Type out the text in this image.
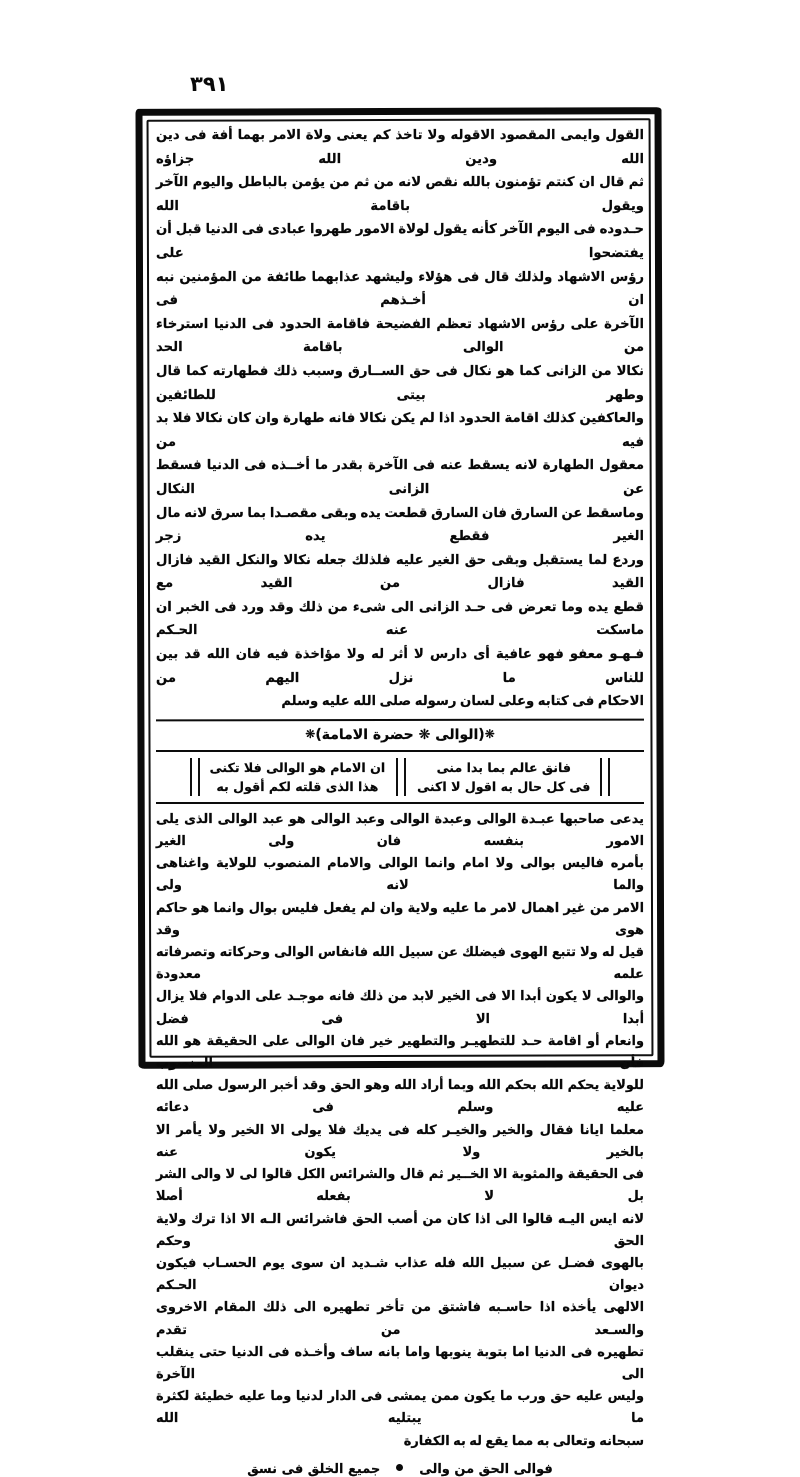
٣٩١

القول وايمى المقصود الاقوله ولا تاخذ كم يعنى ولاة الامر بهما أفة فى دين الله ودين الله جزاؤه

ثم قال ان كنتم تؤمنون بالله نقص لانه من ثم من يؤمن بالباطل واليوم الآخر ويقول باقامة الله

حـدوده فى اليوم الآخر كأنه يقول لولاة الامور طهروا عبادى فى الدنيا قبل أن يفتضحوا على

رؤس الاشهاد ولذلك قال فى هؤلاء وليشهد عذابهما طائفة من المؤمنين نبه ان أخـذهم فى

الآخرة على رؤس الاشهاد تعظم الفضيحة فاقامة الحدود فى الدنيا استرخاء من الوالى باقامة الحد

نكالا من الزانى كما هو نكال فى حق الســارق وسبب ذلك فطهارته كما قال وطهر بيتى للطائفين

والعاكفين كذلك اقامة الحدود اذا لم يكن نكالا فانه طهارة وان كان نكالا فلا بد فيه من

معقول الطهارة لانه يسقط عنه فى الآخرة بقدر ما أخــذه فى الدنيا فسقط عن الزانى النكال

وماسقط عن السارق فان السارق قطعت يده وبقى مقصـدا بما سرق لانه مال الغير فقطع يده زجر

وردع لما يستقبل وبقى حق الغير عليه فلذلك جعله نكالا والنكل القيد فازال القيد فازال من القيد مع

قطع يده وما تعرض فى حـد الزانى الى شىء من ذلك وقد ورد فى الخبر ان ماسكت عنه الحـكم

فـهـو معفو فهو عافية أى دارس لا أثر له ولا مؤاخذة فيه فان الله قد بين للناس ما نزل اليهم من

الاحكام فى كتابه وعلى لسان رسوله صلى الله عليه وسلم

❋(الوالى ❋ حضرة الامامة)❋
ان الامام هو الوالى فلا تكنى
هذا الذى قلته لكم أقول به
فانق عالم بما بدا منى
فى كل حال به اقول لا اكنى

يدعى صاحبها عبـدة الوالى وعبدة الوالى وعبد الوالى هو عبد الوالى الذى يلى الامور بنفسه فان ولى الغير

بأمره فاليس بوالى ولا امام وانما الوالى والامام المنصوب للولاية واغناهى والما لانه ولى

الامر من غير اهمال لامر ما عليه ولاية وان لم يفعل فليس بوال وانما هو حاكم هوى وقد

قيل له ولا تتبع الهوى فيضلك عن سبيل الله فانفاس الوالى وحركاته وتصرفاته علمه معدودة

والوالى لا يكون أبدا الا فى الخير لابد من ذلك فانه موجـد على الدوام فلا يزال أبدا الا فى فضل

وانعام أو اقامة حـد للتطهيـر والتطهير خير فان الوالى على الحقيقة هو الله فأن المنصوب

للولاية يحكم الله بحكم الله وبما أراد الله وهو الحق وقد أخبر الرسول صلى الله عليه وسلم فى دعائه

معلما ايانا فقال والخير والخيـر كله فى يديك فلا يولى الا الخير ولا يأمر الا بالخير ولا يكون عنه

فى الحقيقة والمثوبة الا الخــير ثم قال والشرائس الكل قالوا لى لا والى الشر بل لا بفعله أصلا

لانه ايس اليـه قالوا الى اذا كان من أصب الحق فاشرائس الـه الا اذا ترك ولاية الحق وحكم

بالهوى فضـل عن سبيل الله فله عذاب شـديد ان سوى يوم الحسـاب فيكون ديوان الحـكم

الالهى يأخذه اذا حاسـبه فاشتق من تأخر تطهيره الى ذلك المقام الاخروى والسـعد من تقدم

تطهيره فى الدنيا اما بتوبة ينوبها واما بانه ساف وأخـذه فى الدنيا حتى ينقلب الى الآخرة

وليس عليه حق ورب ما يكون ممن يمشى فى الدار لدنيا وما عليه خطيئة لكثرة ما يبتليه الله

سبحانه وتعالى به مما يقع له به الكفارة

فوالى الحق من والىجميع الخلق فى نسق
